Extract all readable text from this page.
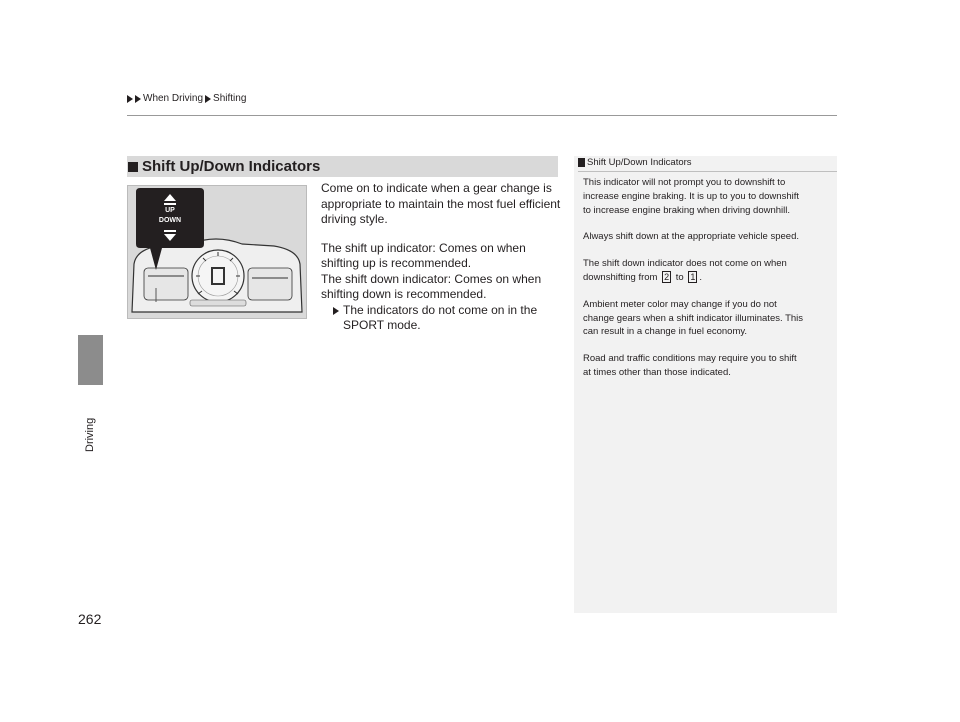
When Driving Shifting
Driving
262
Shift Up/Down Indicators
UP
DOWN

Come on to indicate when a gear change is
appropriate to maintain the most fuel efficient
driving style.

The shift up indicator: Comes on when
shifting up is recommended.
The shift down indicator: Comes on when
shifting down is recommended.
The indicators do not come on in the
SPORT mode.
Shift Up/Down Indicators

This indicator will not prompt you to downshift to
increase engine braking. It is up to you to downshift
to increase engine braking when driving downhill.

Always shift down at the appropriate vehicle speed.

The shift down indicator does not come on when
downshifting from 2 to 1 .

Ambient meter color may change if you do not
change gears when a shift indicator illuminates. This
can result in a change in fuel economy.

Road and traffic conditions may require you to shift
at times other than those indicated.
